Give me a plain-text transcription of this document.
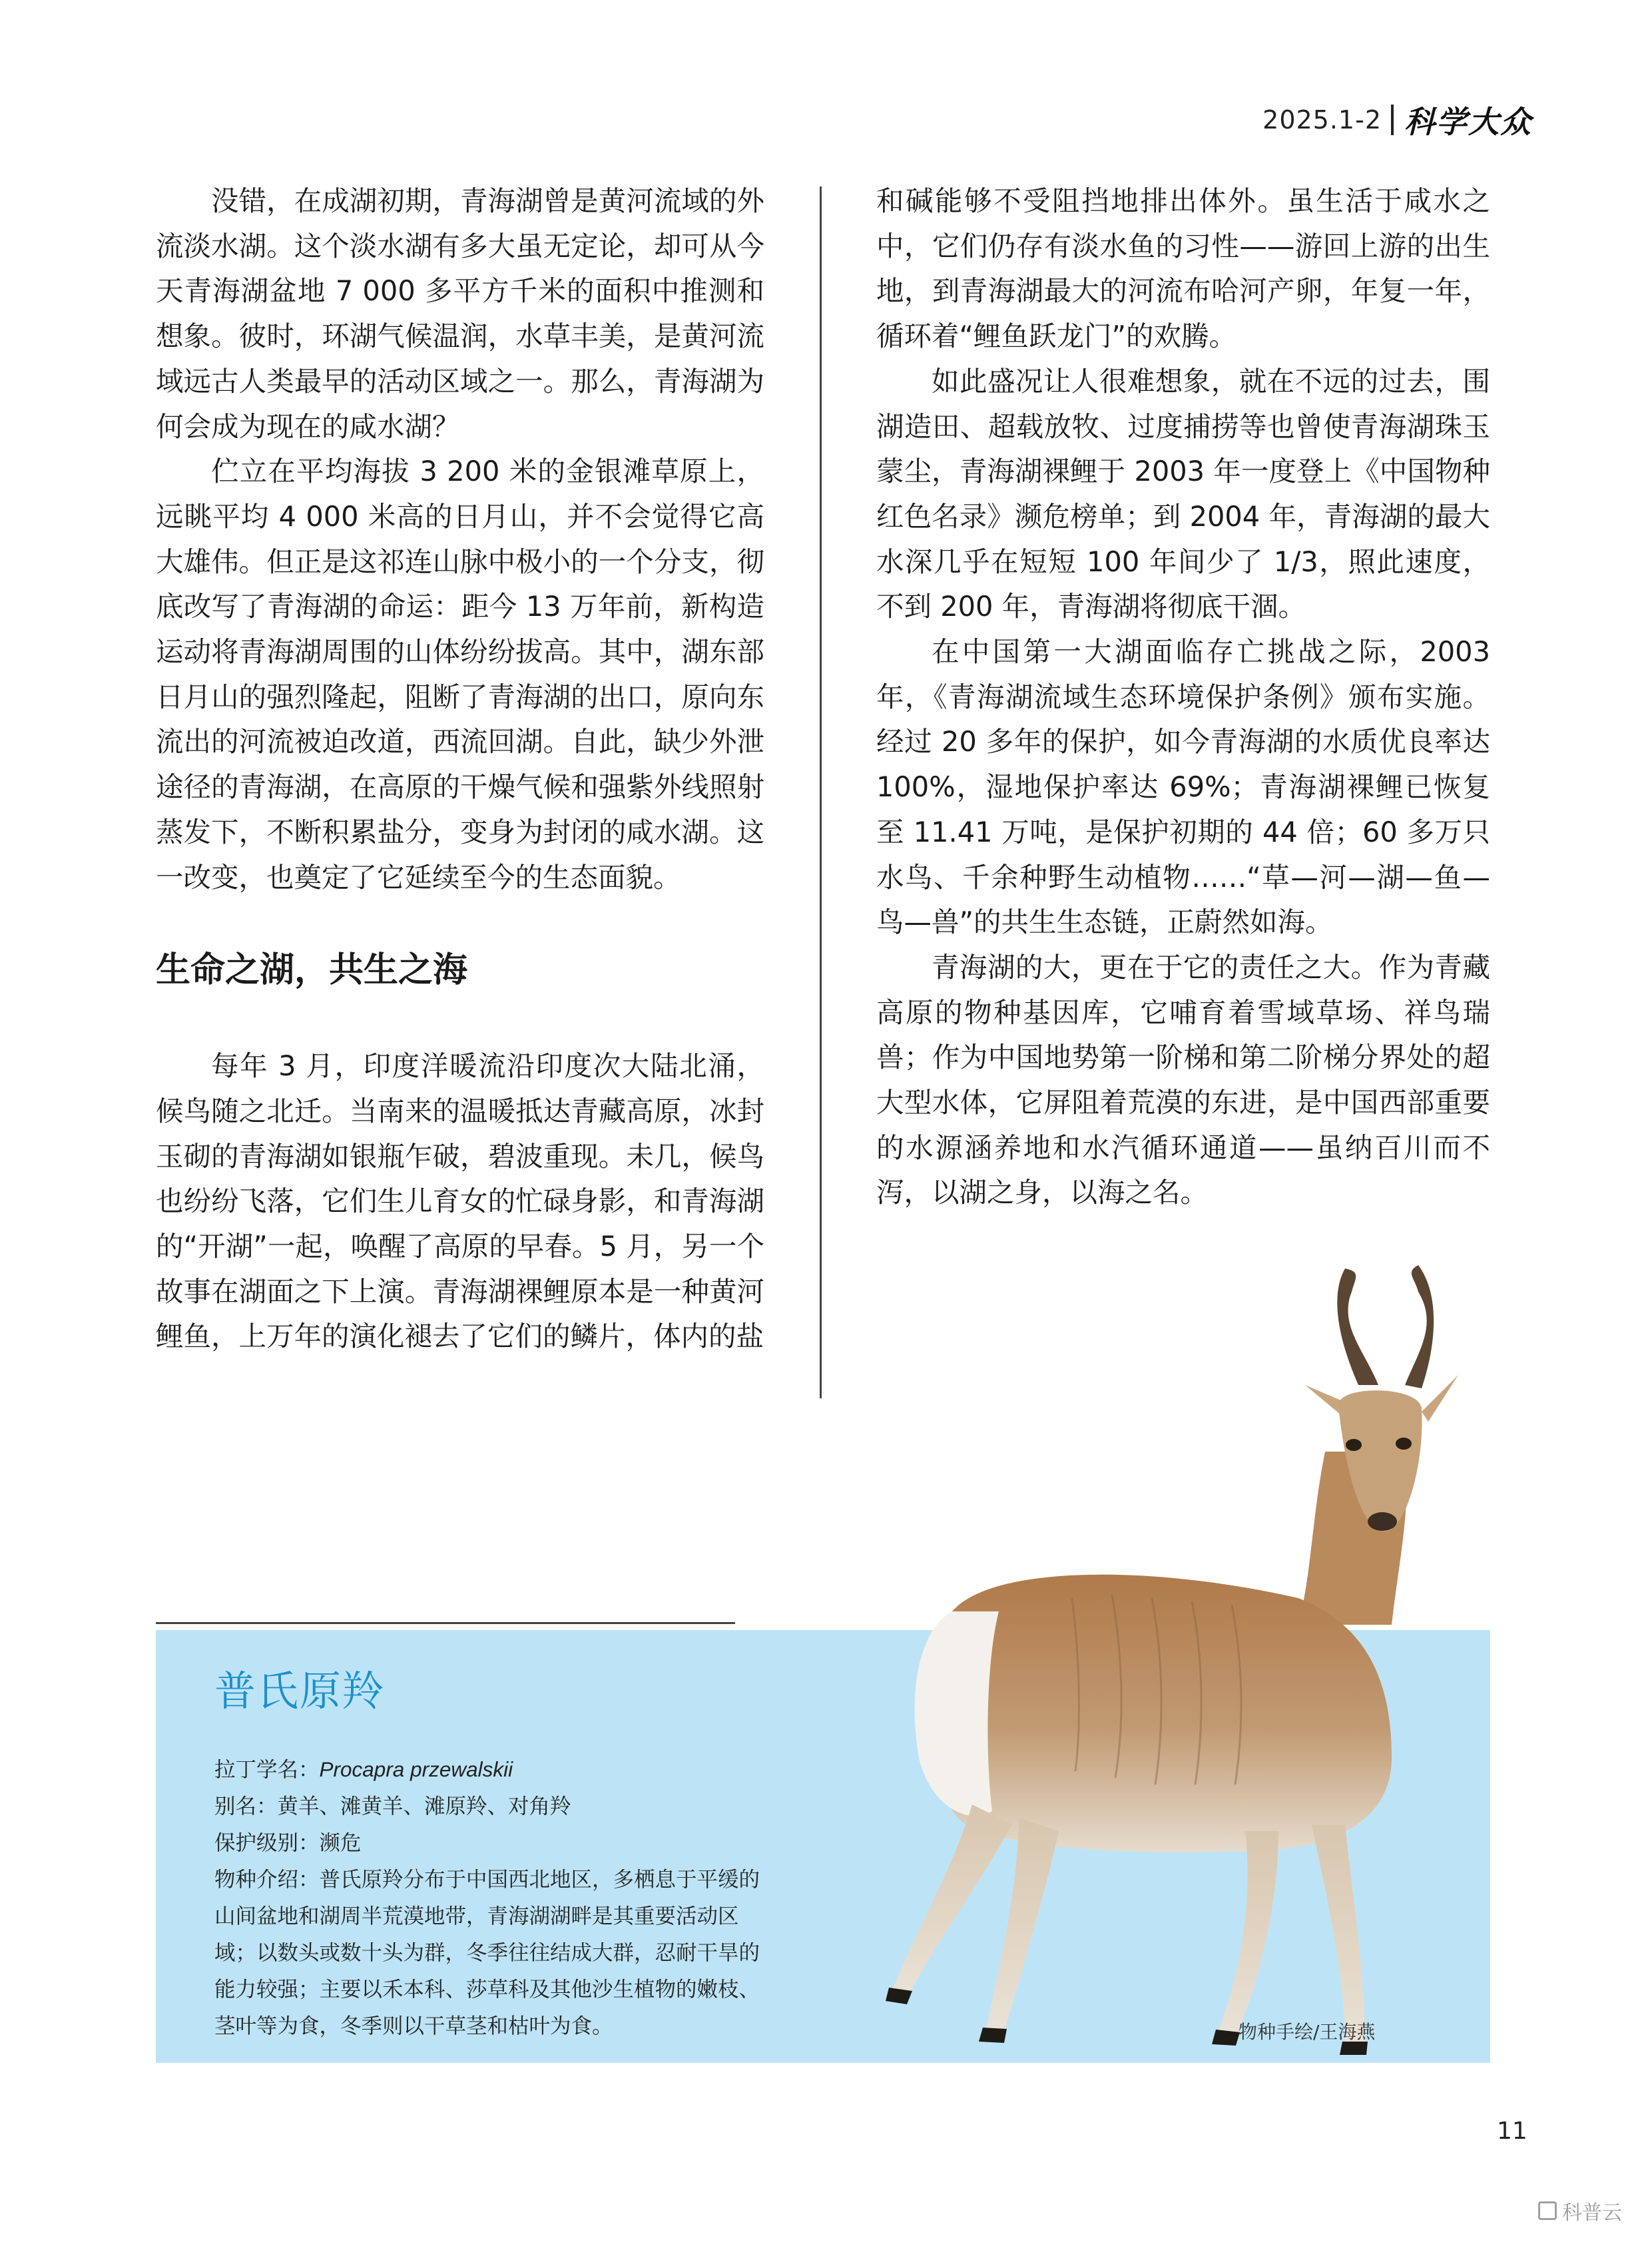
2025.1-2 科学大众

没错，在成湖初期，青海湖曾是黄河流域的外流淡水湖。这个淡水湖有多大虽无定论，却可从今天青海湖盆地 7 000 多平方千米的面积中推测和想象。彼时，环湖气候温润，水草丰美，是黄河流域远古人类最早的活动区域之一。那么，青海湖为何会成为现在的咸水湖？

伫立在平均海拔 3 200 米的金银滩草原上，远眺平均 4 000 米高的日月山，并不会觉得它高大雄伟。但正是这祁连山脉中极小的一个分支，彻底改写了青海湖的命运：距今 13 万年前，新构造运动将青海湖周围的山体纷纷拔高。其中，湖东部日月山的强烈隆起，阻断了青海湖的出口，原向东流出的河流被迫改道，西流回湖。自此，缺少外泄途径的青海湖，在高原的干燥气候和强紫外线照射蒸发下，不断积累盐分，变身为封闭的咸水湖。这一改变，也奠定了它延续至今的生态面貌。

生命之湖，共生之海

每年 3 月，印度洋暖流沿印度次大陆北涌，候鸟随之北迁。当南来的温暖抵达青藏高原，冰封玉砌的青海湖如银瓶乍破，碧波重现。未几，候鸟也纷纷飞落，它们生儿育女的忙碌身影，和青海湖的“开湖”一起，唤醒了高原的早春。5 月，另一个故事在湖面之下上演。青海湖裸鲤原本是一种黄河鲤鱼，上万年的演化褪去了它们的鳞片，体内的盐

和碱能够不受阻挡地排出体外。虽生活于咸水之中，它们仍存有淡水鱼的习性——游回上游的出生地，到青海湖最大的河流布哈河产卵，年复一年，循环着“鲤鱼跃龙门”的欢腾。

如此盛况让人很难想象，就在不远的过去，围湖造田、超载放牧、过度捕捞等也曾使青海湖珠玉蒙尘，青海湖裸鲤于 2003 年一度登上《中国物种红色名录》濒危榜单；到 2004 年，青海湖的最大水深几乎在短短 100 年间少了 1/3，照此速度，不到 200 年，青海湖将彻底干涸。

在中国第一大湖面临存亡挑战之际，2003 年，《青海湖流域生态环境保护条例》颁布实施。经过 20 多年的保护，如今青海湖的水质优良率达 100%，湿地保护率达 69%；青海湖裸鲤已恢复至 11.41 万吨，是保护初期的 44 倍；60 多万只水鸟、千余种野生动植物……“草—河—湖—鱼—鸟—兽”的共生生态链，正蔚然如海。

青海湖的大，更在于它的责任之大。作为青藏高原的物种基因库，它哺育着雪域草场、祥鸟瑞兽；作为中国地势第一阶梯和第二阶梯分界处的超大型水体，它屏阻着荒漠的东进，是中国西部重要的水源涵养地和水汽循环通道——虽纳百川而不泻，以湖之身，以海之名。

普氏原羚
拉丁学名：Procapra przewalskii
别名：黄羊、滩黄羊、滩原羚、对角羚
保护级别：濒危
物种介绍：普氏原羚分布于中国西北地区，多栖息于平缓的
山间盆地和湖周半荒漠地带，青海湖湖畔是其重要活动区
域；以数头或数十头为群，冬季往往结成大群，忍耐干旱的
能力较强；主要以禾本科、莎草科及其他沙生植物的嫩枝、
茎叶等为食，冬季则以干草茎和枯叶为食。	物种手绘/王海燕
11
科普云
